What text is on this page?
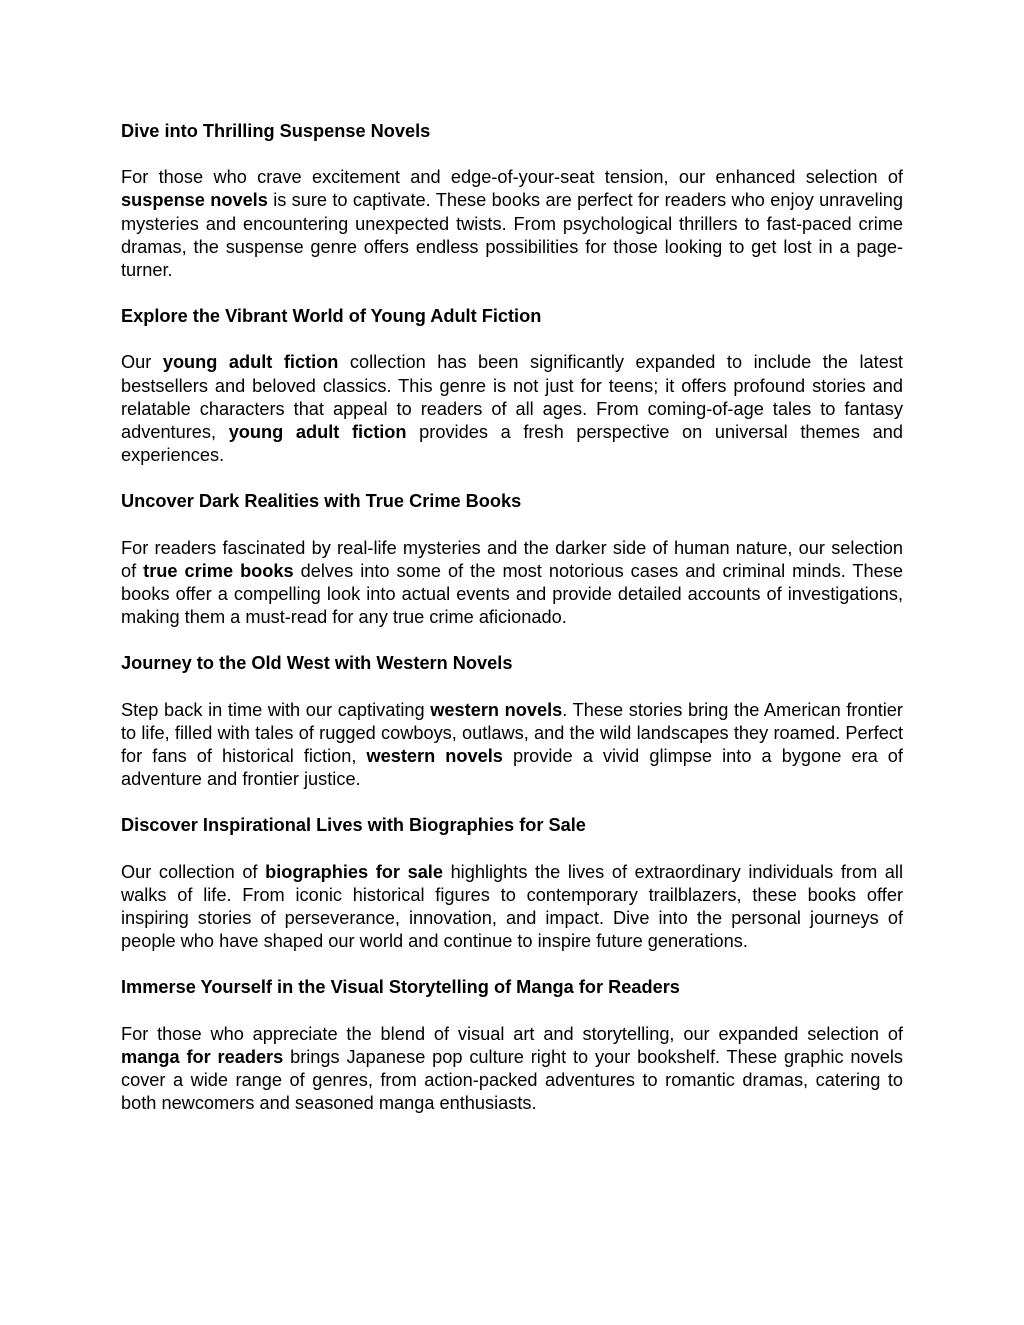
Dive into Thrilling Suspense Novels

For those who crave excitement and edge-of-your-seat tension, our enhanced selection of suspense novels is sure to captivate. These books are perfect for readers who enjoy unraveling mysteries and encountering unexpected twists. From psychological thrillers to fast-paced crime dramas, the suspense genre offers endless possibilities for those looking to get lost in a page-turner.

Explore the Vibrant World of Young Adult Fiction

Our young adult fiction collection has been significantly expanded to include the latest bestsellers and beloved classics. This genre is not just for teens; it offers profound stories and relatable characters that appeal to readers of all ages. From coming-of-age tales to fantasy adventures, young adult fiction provides a fresh perspective on universal themes and experiences.

Uncover Dark Realities with True Crime Books

For readers fascinated by real-life mysteries and the darker side of human nature, our selection of true crime books delves into some of the most notorious cases and criminal minds. These books offer a compelling look into actual events and provide detailed accounts of investigations, making them a must-read for any true crime aficionado.

Journey to the Old West with Western Novels

Step back in time with our captivating western novels. These stories bring the American frontier to life, filled with tales of rugged cowboys, outlaws, and the wild landscapes they roamed. Perfect for fans of historical fiction, western novels provide a vivid glimpse into a bygone era of adventure and frontier justice.

Discover Inspirational Lives with Biographies for Sale

Our collection of biographies for sale highlights the lives of extraordinary individuals from all walks of life. From iconic historical figures to contemporary trailblazers, these books offer inspiring stories of perseverance, innovation, and impact. Dive into the personal journeys of people who have shaped our world and continue to inspire future generations.

Immerse Yourself in the Visual Storytelling of Manga for Readers

For those who appreciate the blend of visual art and storytelling, our expanded selection of manga for readers brings Japanese pop culture right to your bookshelf. These graphic novels cover a wide range of genres, from action-packed adventures to romantic dramas, catering to both newcomers and seasoned manga enthusiasts.
